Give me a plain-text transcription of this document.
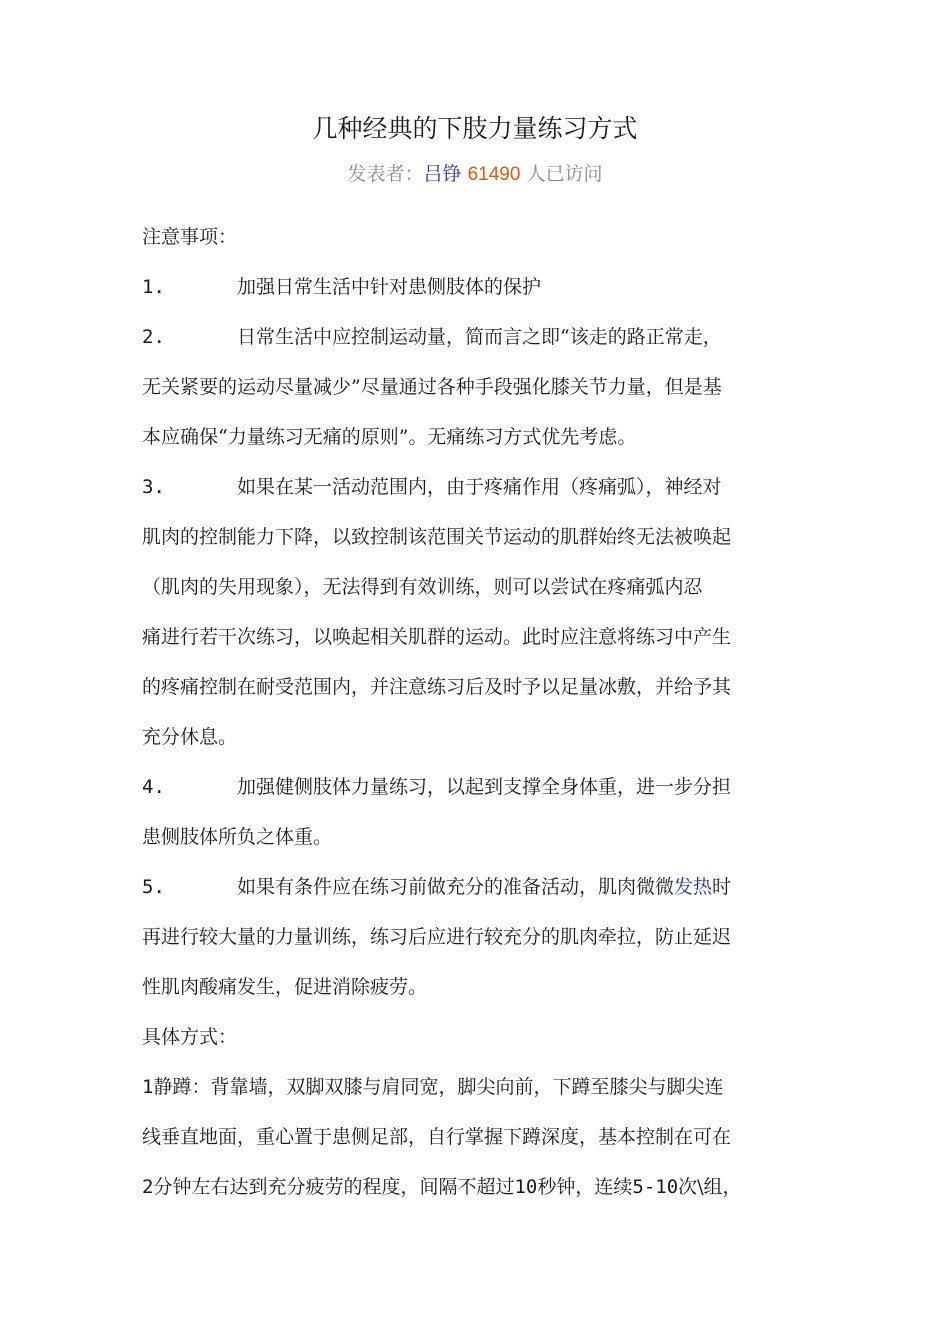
几种经典的下肢力量练习方式
发表者：吕铮 61490 人已访问
注意事项：
1.	加强日常生活中针对患侧肢体的保护
2.	日常生活中应控制运动量，简而言之即“该走的路正常走，
无关紧要的运动尽量减少”尽量通过各种手段强化膝关节力量，但是基
本应确保“力量练习无痛的原则”。无痛练习方式优先考虑。
3.	如果在某一活动范围内，由于疼痛作用（疼痛弧），神经对
肌肉的控制能力下降，以致控制该范围关节运动的肌群始终无法被唤起
（肌肉的失用现象），无法得到有效训练，则可以尝试在疼痛弧内忍
痛进行若干次练习，以唤起相关肌群的运动。此时应注意将练习中产生
的疼痛控制在耐受范围内，并注意练习后及时予以足量冰敷，并给予其
充分休息。
4.	加强健侧肢体力量练习，以起到支撑全身体重，进一步分担
患侧肢体所负之体重。
5.	如果有条件应在练习前做充分的准备活动，肌肉微微发热时
再进行较大量的力量训练，练习后应进行较充分的肌肉牵拉，防止延迟
性肌肉酸痛发生，促进消除疲劳。
具体方式：
1静蹲：背靠墙，双脚双膝与肩同宽，脚尖向前，下蹲至膝尖与脚尖连
线垂直地面，重心置于患侧足部，自行掌握下蹲深度，基本控制在可在
2分钟左右达到充分疲劳的程度，间隔不超过10秒钟，连续5-10次\组，
